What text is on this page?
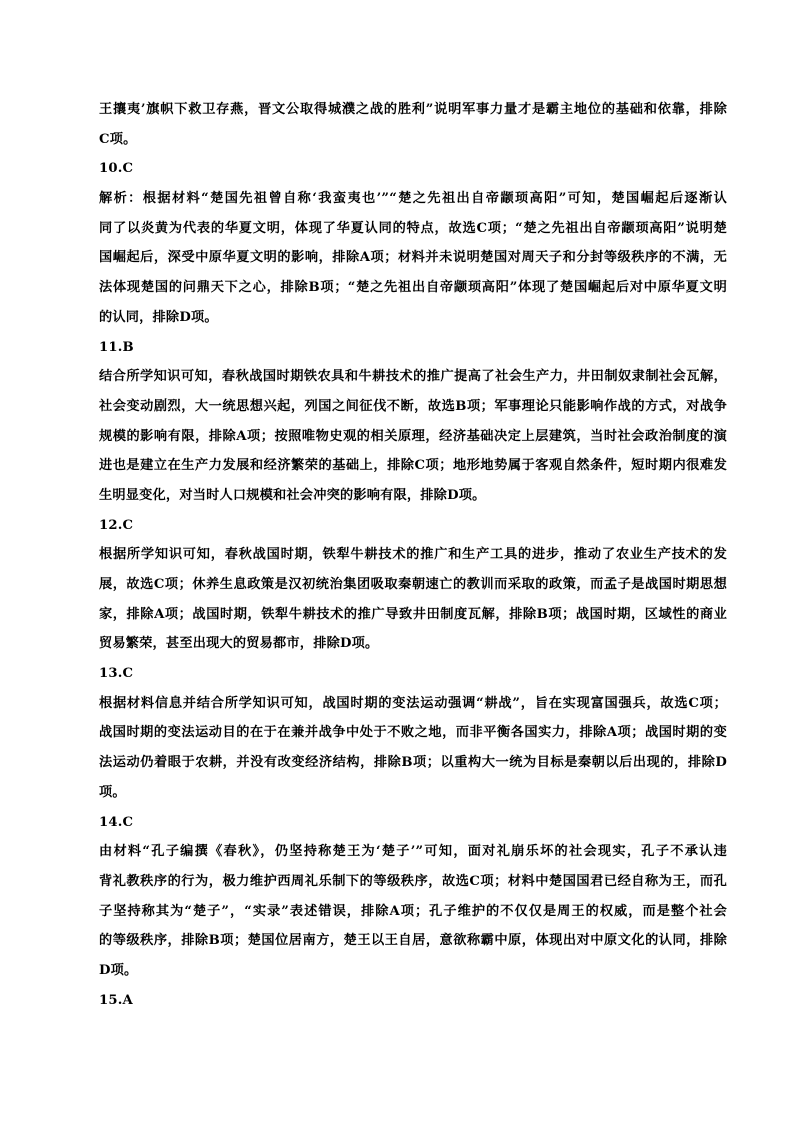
王攘夷’旗帜下救卫存燕，晋文公取得城濮之战的胜利”说明军事力量才是霸主地位的基础和依靠，排除
C项。
10.C
解析：根据材料“楚国先祖曾自称‘我蛮夷也’”“楚之先祖出自帝颛顼高阳”可知，楚国崛起后逐渐认
同了以炎黄为代表的华夏文明，体现了华夏认同的特点，故选C项；“楚之先祖出自帝颛顼高阳”说明楚
国崛起后，深受中原华夏文明的影响，排除A项；材料并未说明楚国对周天子和分封等级秩序的不满，无
法体现楚国的问鼎天下之心，排除B项；“楚之先祖出自帝颛顼高阳”体现了楚国崛起后对中原华夏文明
的认同，排除D项。
11.B
结合所学知识可知，春秋战国时期铁农具和牛耕技术的推广提高了社会生产力，井田制奴隶制社会瓦解，
社会变动剧烈，大一统思想兴起，列国之间征伐不断，故选B项；军事理论只能影响作战的方式，对战争
规模的影响有限，排除A项；按照唯物史观的相关原理，经济基础决定上层建筑，当时社会政治制度的演
进也是建立在生产力发展和经济繁荣的基础上，排除C项；地形地势属于客观自然条件，短时期内很难发
生明显变化，对当时人口规模和社会冲突的影响有限，排除D项。
12.C
根据所学知识可知，春秋战国时期，铁犁牛耕技术的推广和生产工具的进步，推动了农业生产技术的发
展，故选C项；休养生息政策是汉初统治集团吸取秦朝速亡的教训而采取的政策，而孟子是战国时期思想
家，排除A项；战国时期，铁犁牛耕技术的推广导致井田制度瓦解，排除B项；战国时期，区域性的商业
贸易繁荣，甚至出现大的贸易都市，排除D项。
13.C
根据材料信息并结合所学知识可知，战国时期的变法运动强调“耕战”，旨在实现富国强兵，故选C项；
战国时期的变法运动目的在于在兼并战争中处于不败之地，而非平衡各国实力，排除A项；战国时期的变
法运动仍着眼于农耕，并没有改变经济结构，排除B项；以重构大一统为目标是秦朝以后出现的，排除D
项。
14.C
由材料“孔子编撰《春秋》，仍坚持称楚王为‘楚子’”可知，面对礼崩乐坏的社会现实，孔子不承认违
背礼教秩序的行为，极力维护西周礼乐制下的等级秩序，故选C项；材料中楚国国君已经自称为王，而孔
子坚持称其为“楚子”，“实录”表述错误，排除A项；孔子维护的不仅仅是周王的权威，而是整个社会
的等级秩序，排除B项；楚国位居南方，楚王以王自居，意欲称霸中原，体现出对中原文化的认同，排除
D项。
15.A
